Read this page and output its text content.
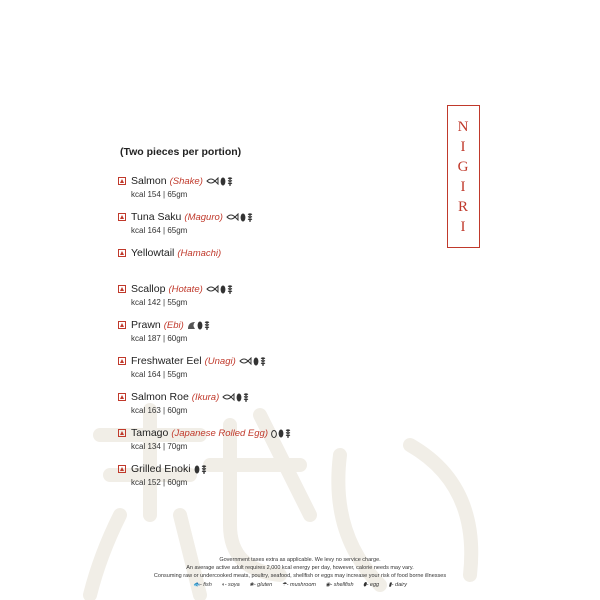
N
I
G
I
R
I
(Two pieces per portion)
Salmon (Shake)
kcal 154 | 65gm
Tuna Saku (Maguro)
kcal 164 | 65gm
Yellowtail (Hamachi)
Scallop (Hotate)
kcal 142 | 55gm
Prawn (Ebi)
kcal 187 | 60gm
Freshwater Eel (Unagi)
kcal 164 | 55gm
Salmon Roe (Ikura)
kcal 163 | 60gm
Tamago (Japanese Rolled Egg)
kcal 134 | 70gm
Grilled Enoki
kcal 152 | 60gm
Government taxes extra as applicable. We levy no service charge.
An average active adult requires 2,000 kcal energy per day, however, calorie needs may vary.
Consuming raw or undercooked meats, poultry, seafood, shellfish or eggs may increase your risk of food borne illnesses
🐟- fish ◖- soya ❀- gluten ☂- mushroom ◉- shellfish ⬮- egg ▮- dairy
